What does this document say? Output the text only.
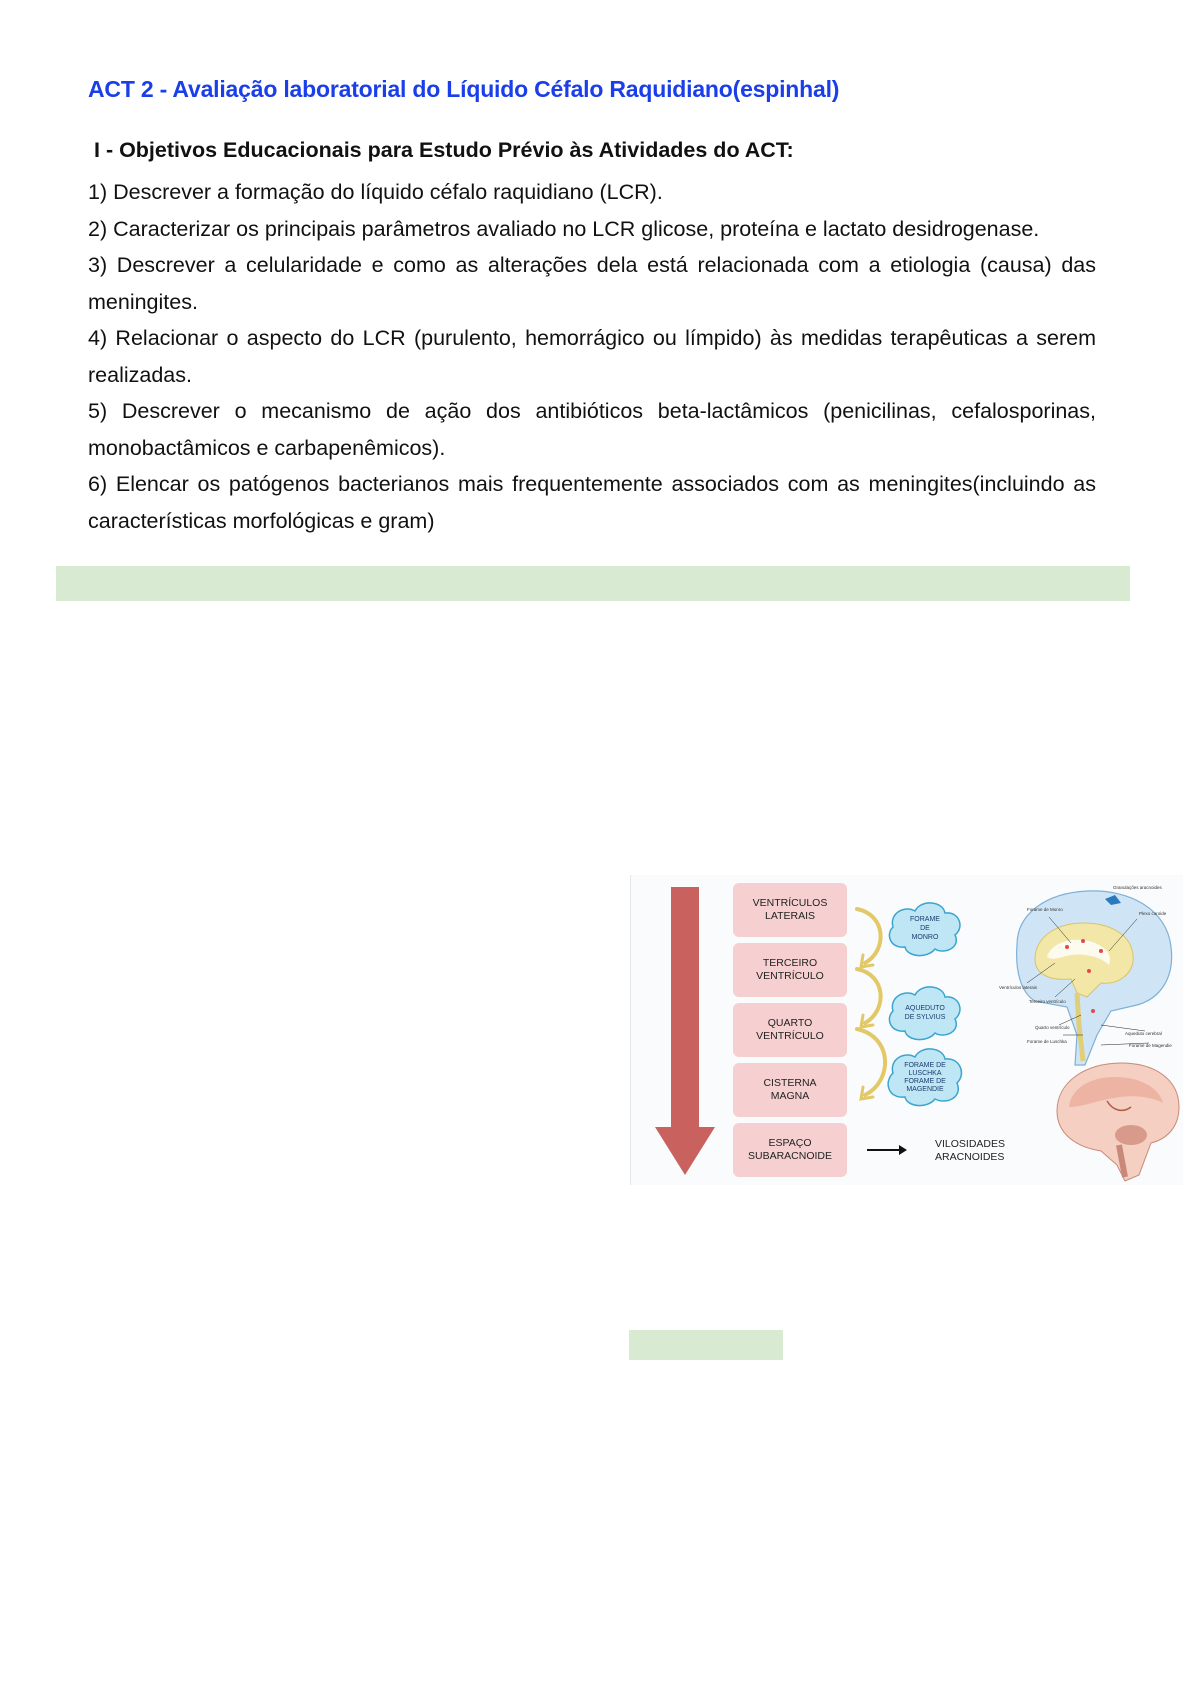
ACT 2 - Avaliação laboratorial do Líquido Céfalo Raquidiano(espinhal)
I - Objetivos Educacionais para Estudo Prévio às Atividades do ACT:

1) Descrever a formação do líquido céfalo raquidiano (LCR).

2) Caracterizar os principais parâmetros avaliado no LCR glicose, proteína e lactato desidrogenase.

3) Descrever a celularidade e como as alterações dela está relacionada com a etiologia (causa) das meningites.

4) Relacionar o aspecto do LCR (purulento, hemorrágico ou límpido) às medidas terapêuticas a serem realizadas.

5) Descrever o mecanismo de ação dos antibióticos beta-lactâmicos (penicilinas, cefalosporinas, monobactâmicos e carbapenêmicos).

6) Elencar os patógenos bacterianos mais frequentemente associados com as meningites(incluindo as características morfológicas e gram)

VENTRÍCULOS
LATERAIS
TERCEIRO
VENTRÍCULO
QUARTO
VENTRÍCULO
CISTERNA
MAGNA
ESPAÇO
SUBARACNOIDE
FORAME
DE
MONRO
AQUEDUTO
DE SYLVIUS
FORAME DE
LUSCHKA
FORAME DE
MAGENDIE
VILOSIDADES
ARACNOIDES
Granulações aracnoides
Forame de Monro
Plexo coroide
Ventrículos laterais
Terceiro ventrículo
Quarto ventrículo
Aqueduto cerebral
Forame de Luschka
Forame de Magendie
